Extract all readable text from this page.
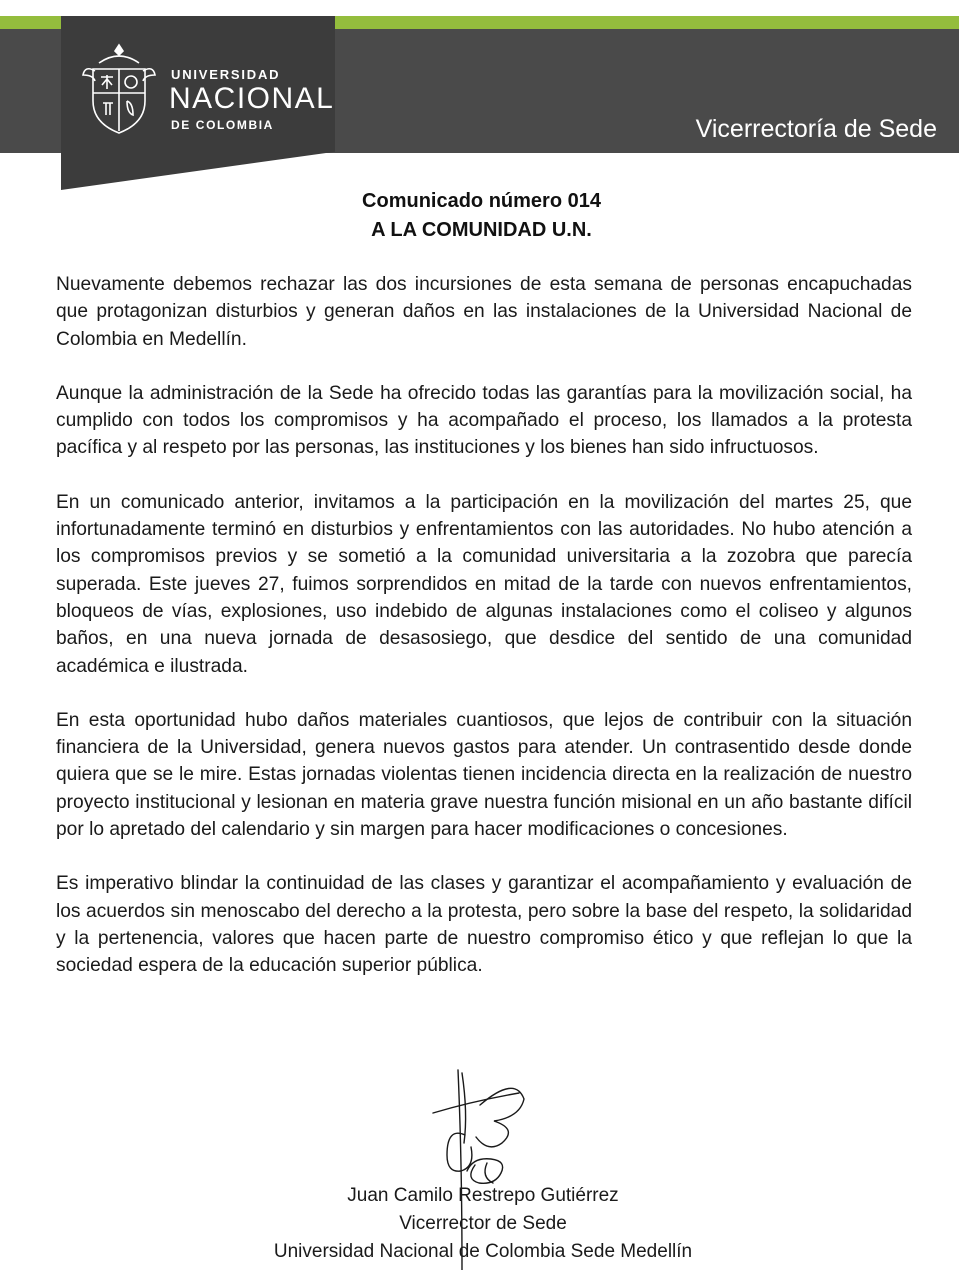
Vicerrectoría de Sede
UNIVERSIDAD
NACIONAL
DE COLOMBIA
Comunicado número 014
A LA COMUNIDAD U.N.

Nuevamente debemos rechazar las dos incursiones de esta semana de personas encapuchadas que protagonizan disturbios y generan daños en las instalaciones de la Universidad Nacional de Colombia en Medellín.

Aunque la administración de la Sede ha ofrecido todas las garantías para la movilización social, ha cumplido con todos los compromisos y ha acompañado el proceso, los llamados a la protesta pacífica y al respeto por las personas, las instituciones y los bienes han sido infructuosos.

En un comunicado anterior, invitamos a la participación en la movilización del martes 25, que infortunadamente terminó en disturbios y enfrentamientos con las autoridades. No hubo atención a los compromisos previos y se sometió a la comunidad universitaria a la zozobra que parecía superada. Este jueves 27, fuimos sorprendidos en mitad de la tarde con nuevos enfrentamientos, bloqueos de vías, explosiones, uso indebido de algunas instalaciones como el coliseo y algunos baños, en una nueva jornada de desasosiego, que desdice del sentido de una comunidad académica e ilustrada.

En esta oportunidad hubo daños materiales cuantiosos, que lejos de contribuir con la situación financiera de la Universidad, genera nuevos gastos para atender. Un contrasentido desde donde quiera que se le mire. Estas jornadas violentas tienen incidencia directa en la realización de nuestro proyecto institucional y lesionan en materia grave nuestra función misional en un año bastante difícil por lo apretado del calendario y sin margen para hacer modificaciones o concesiones.

Es imperativo blindar la continuidad de las clases y garantizar el acompañamiento y evaluación de los acuerdos sin menoscabo del derecho a la protesta, pero sobre la base del respeto, la solidaridad y la pertenencia, valores que hacen parte de nuestro compromiso ético y que reflejan lo que la sociedad espera de la educación superior pública.

Juan Camilo Restrepo Gutiérrez
Vicerrector de Sede
Universidad Nacional de Colombia Sede Medellín
